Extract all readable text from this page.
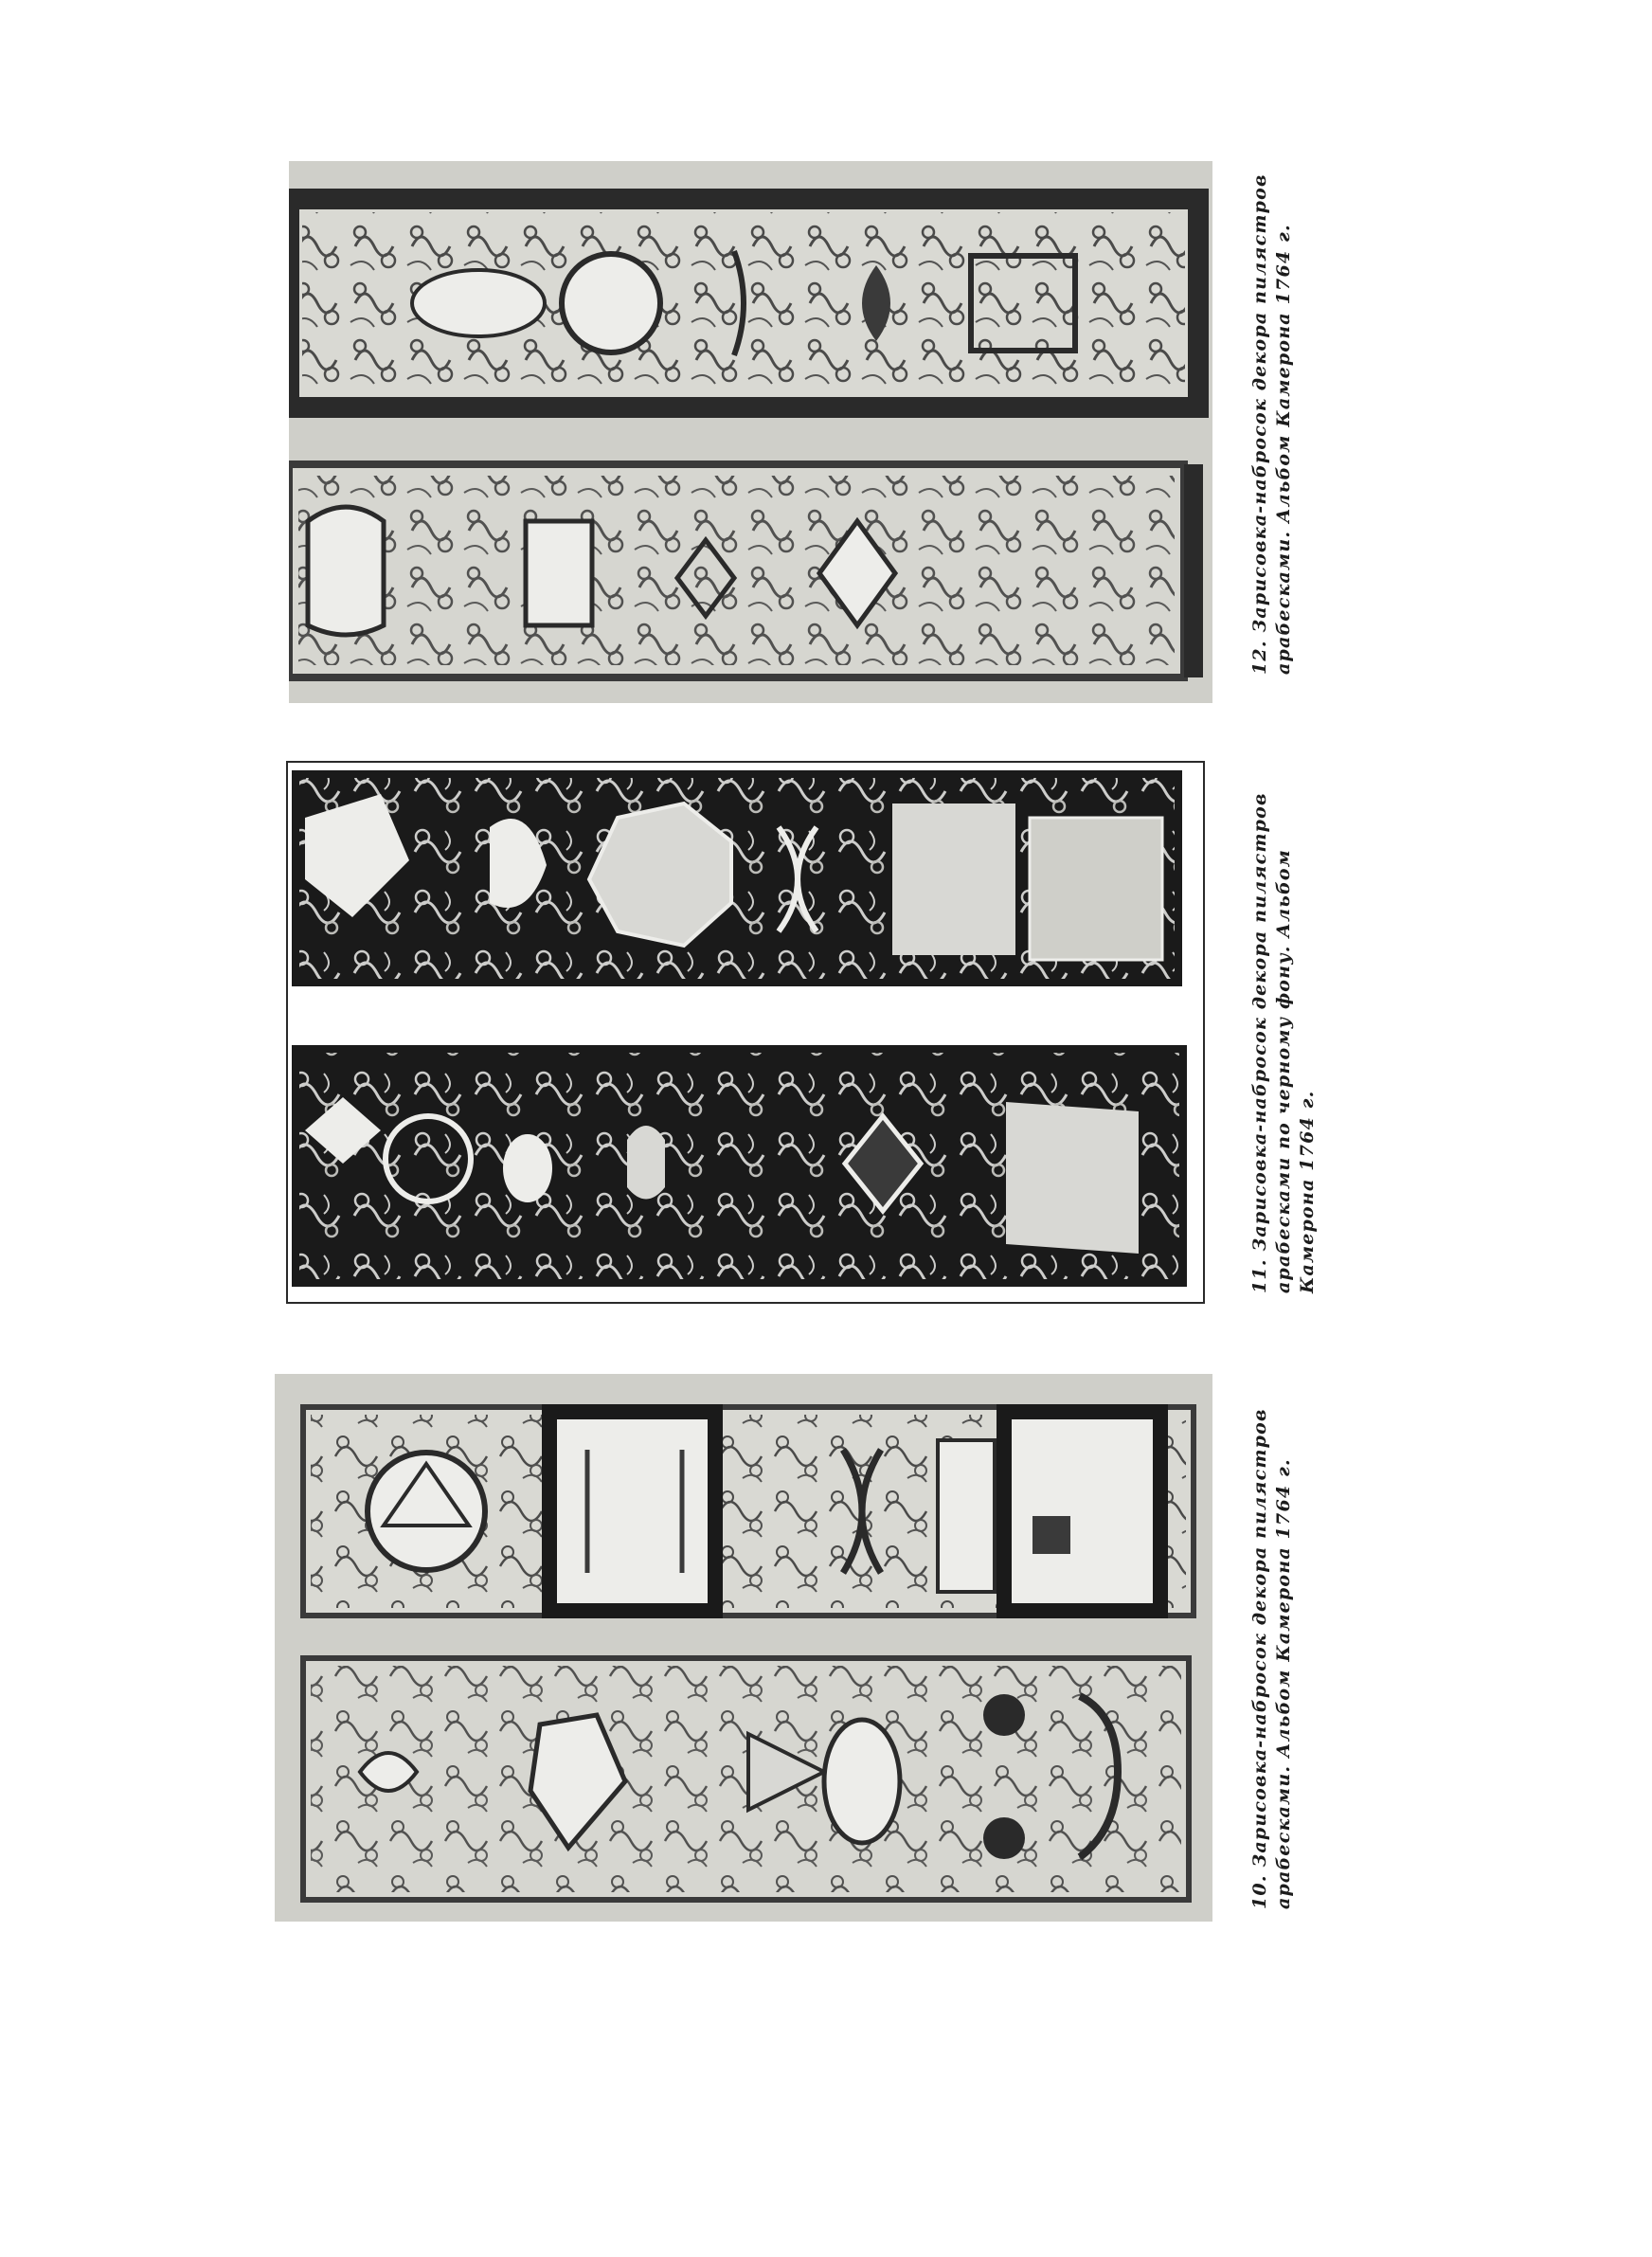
12. Зарисовка-набросок декора пилястров арабесками. Альбом Камерона 1764 г.
11. Зарисовка-набросок декора пилястров арабесками по черному фону. Альбом Камерона 1764 г.
10. Зарисовка-набросок декора пилястров арабесками. Альбом Камерона 1764 г.
